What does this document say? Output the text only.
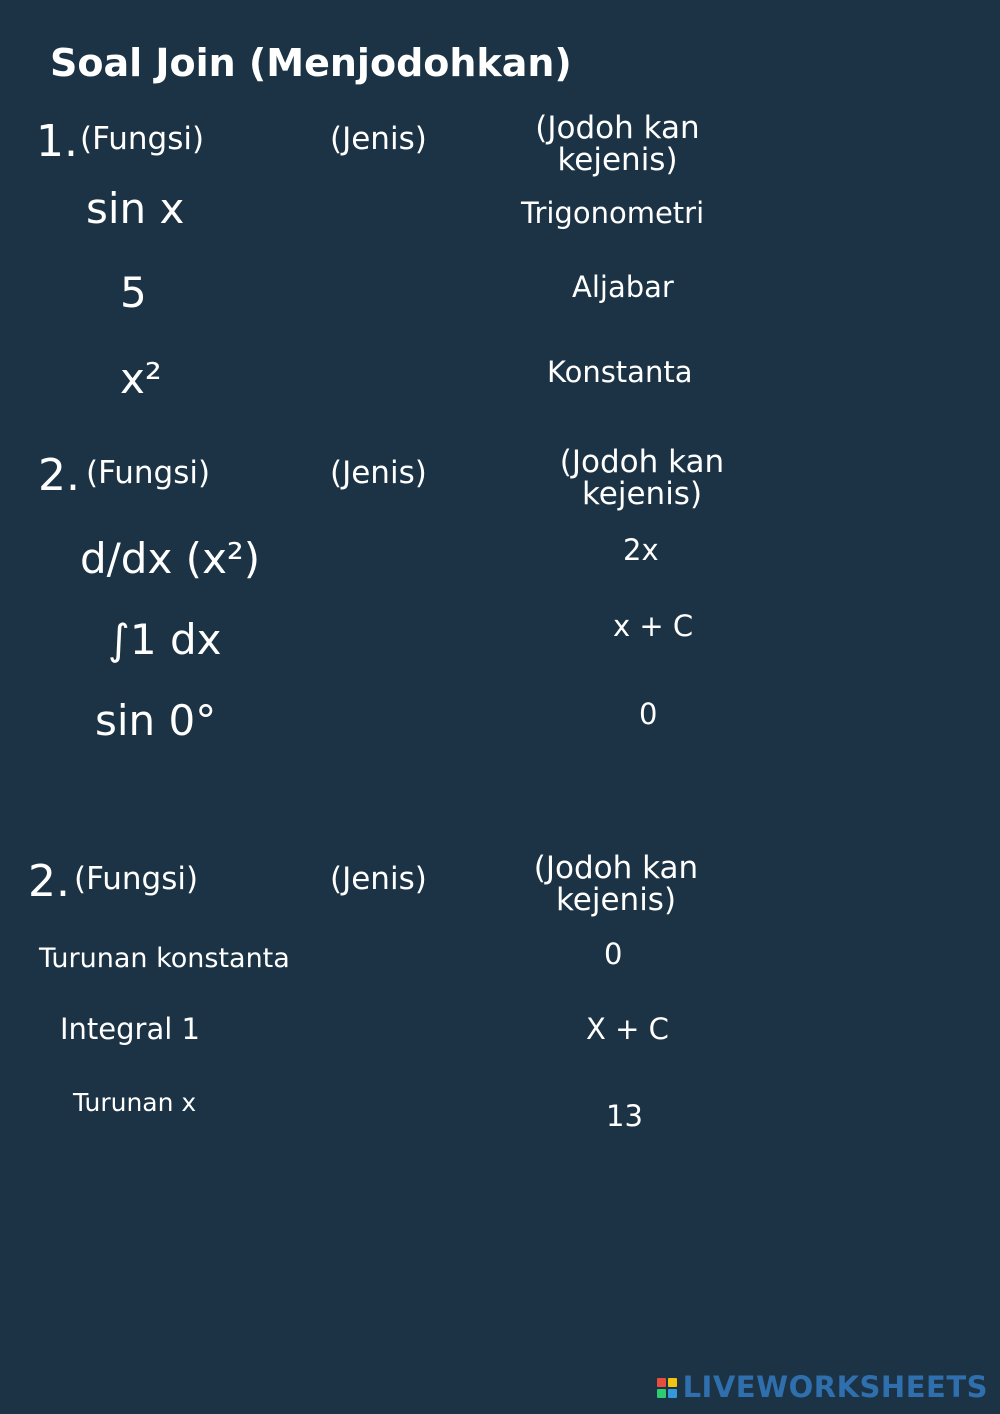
Soal Join (Menjodohkan)
1. (Fungsi)	(Jenis)	(Jodoh kan
kejenis)
sin x
5
x²
Trigonometri
Aljabar
Konstanta
2. (Fungsi)	(Jenis)	(Jodoh kan
kejenis)
d/dx (x²)
∫1 dx
sin 0°
2x
x + C
0
2. (Fungsi)	(Jenis)	(Jodoh kan
kejenis)
Turunan konstanta
Integral 1
Turunan x
0
X + C
13
LIVEWORKSHEETS
